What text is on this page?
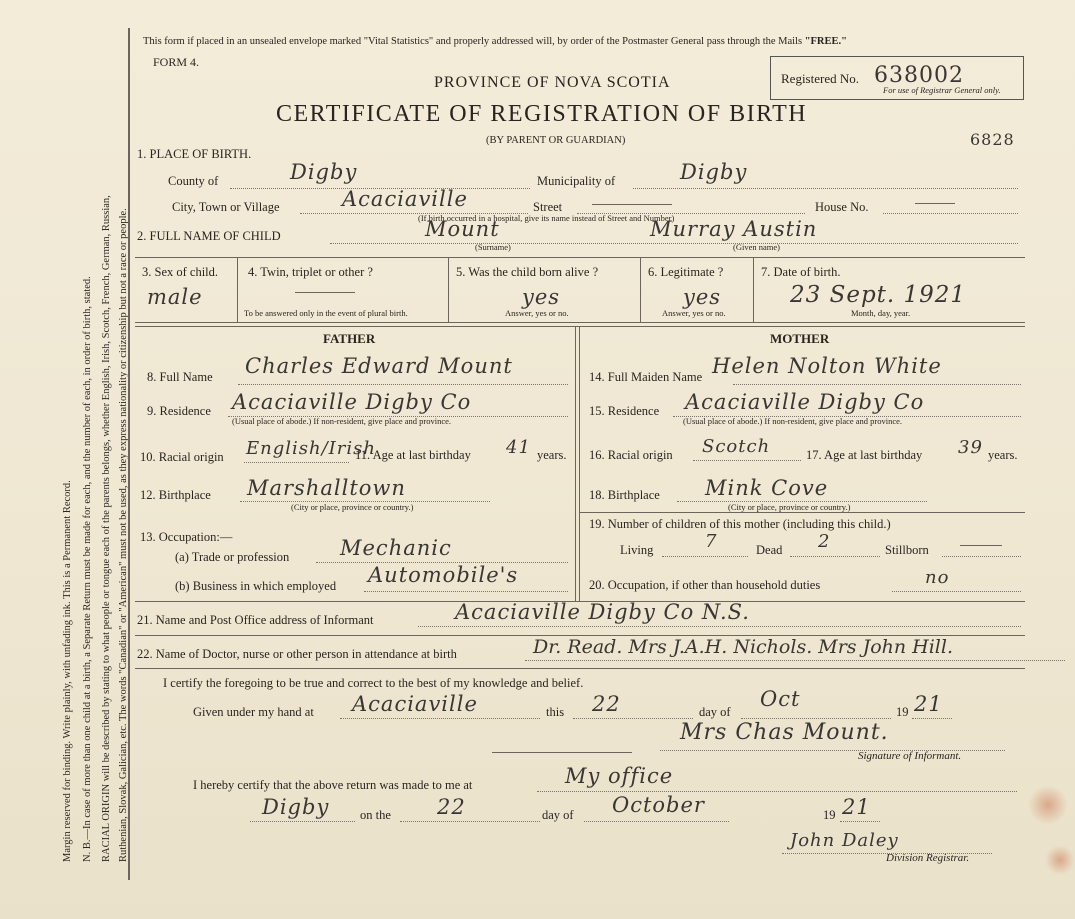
Margin reserved for binding. Write plainly, with unfading ink. This is a Permanent Record. N. B.—In case of more than one child at a birth, a Separate Return must be made for each, and the number of each, in order of birth, stated. RACIAL ORIGIN will be described by stating to what people or tongue each of the parents belongs, whether English, Irish, Scotch, French, German, Russian, Ruthenian, Slovak, Galician, etc. The words "Canadian" or "American" must not be used, as they express nationality or citizenship but not a race or people.
This form if placed in an unsealed envelope marked "Vital Statistics" and properly addressed will, by order of the Postmaster General pass through the Mails "FREE."
FORM 4.
PROVINCE OF NOVA SCOTIA
CERTIFICATE OF REGISTRATION OF BIRTH
(BY PARENT OR GUARDIAN)
Registered No. 638002
For use of Registrar General only.
6828
1. PLACE OF BIRTH.
County of	Digby	Municipality of	Digby
City, Town or Village	Acaciaville	Street	House No.
(If birth occurred in a hospital, give its name instead of Street and Number)
2. FULL NAME OF CHILD	Mount
(Surname)
Murray Austin
(Given name)
3. Sex of child.
male
4. Twin, triplet or other ?
To be answered only in the event of plural birth.
5. Was the child born alive ?
yes
Answer, yes or no.
6. Legitimate ?
yes
Answer, yes or no.
7. Date of birth.
23 Sept. 1921
Month, day, year.
FATHER	MOTHER
8. Full Name Charles Edward Mount
9. Residence Acaciaville Digby Co
(Usual place of abode.) If non-resident, give place and province.
10. Racial origin English/Irish
11. Age at last birthday 41 years.
12. Birthplace Marshalltown
(City or place, province or country.)
13. Occupation:—
(a) Trade or profession Mechanic
(b) Business in which employed Automobile's
14. Full Maiden Name Helen Nolton White
15. Residence Acaciaville Digby Co
(Usual place of abode.) If non-resident, give place and province.
16. Racial origin Scotch	17. Age at last birthday 39 years.
18. Birthplace Mink Cove
(City or place, province or country.)
19. Number of children of this mother (including this child.)
Living	7	Dead 2	Stillborn
20. Occupation, if other than household duties	no
21. Name and Post Office address of Informant	Acaciaville Digby Co N.S.
22. Name of Doctor, nurse or other person in attendance at birth	Dr. Read. Mrs J.A.H. Nichols. Mrs John Hill.
I certify the foregoing to be true and correct to the best of my knowledge and belief.
Given under my hand at Acaciaville	this 22	day of
Oct
19 21
Mrs Chas Mount.
Signature of Informant.
I hereby certify that the above return was made to me at	My office
Digby on the 22	day of October	19 21
John Daley
Division Registrar.
